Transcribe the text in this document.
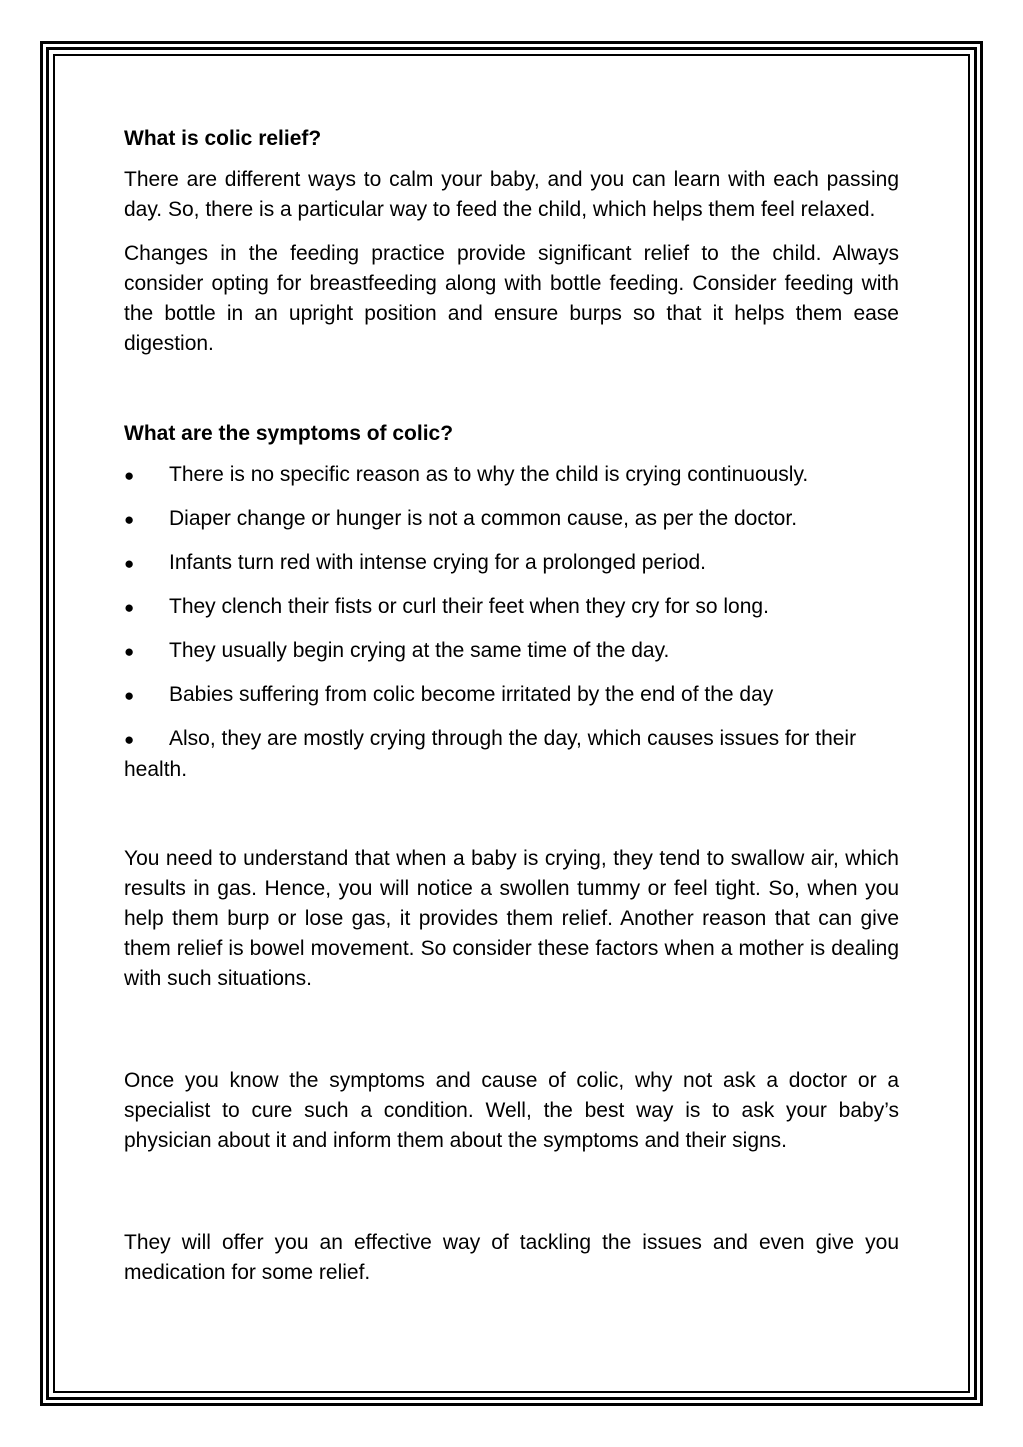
What is colic relief?

There are different ways to calm your baby, and you can learn with each passing day. So, there is a particular way to feed the child, which helps them feel relaxed.

Changes in the feeding practice provide significant relief to the child. Always consider opting for breastfeeding along with bottle feeding. Consider feeding with the bottle in an upright position and ensure burps so that it helps them ease digestion.

What are the symptoms of colic?
● There is no specific reason as to why the child is crying continuously.
● Diaper change or hunger is not a common cause, as per the doctor.
● Infants turn red with intense crying for a prolonged period.
● They clench their fists or curl their feet when they cry for so long.
● They usually begin crying at the same time of the day.
● Babies suffering from colic become irritated by the end of the day
● Also, they are mostly crying through the day, which causes issues for their health.

You need to understand that when a baby is crying, they tend to swallow air, which results in gas. Hence, you will notice a swollen tummy or feel tight. So, when you help them burp or lose gas, it provides them relief. Another reason that can give them relief is bowel movement. So consider these factors when a mother is dealing with such situations.

Once you know the symptoms and cause of colic, why not ask a doctor or a specialist to cure such a condition. Well, the best way is to ask your baby’s physician about it and inform them about the symptoms and their signs.

They will offer you an effective way of tackling the issues and even give you medication for some relief.
